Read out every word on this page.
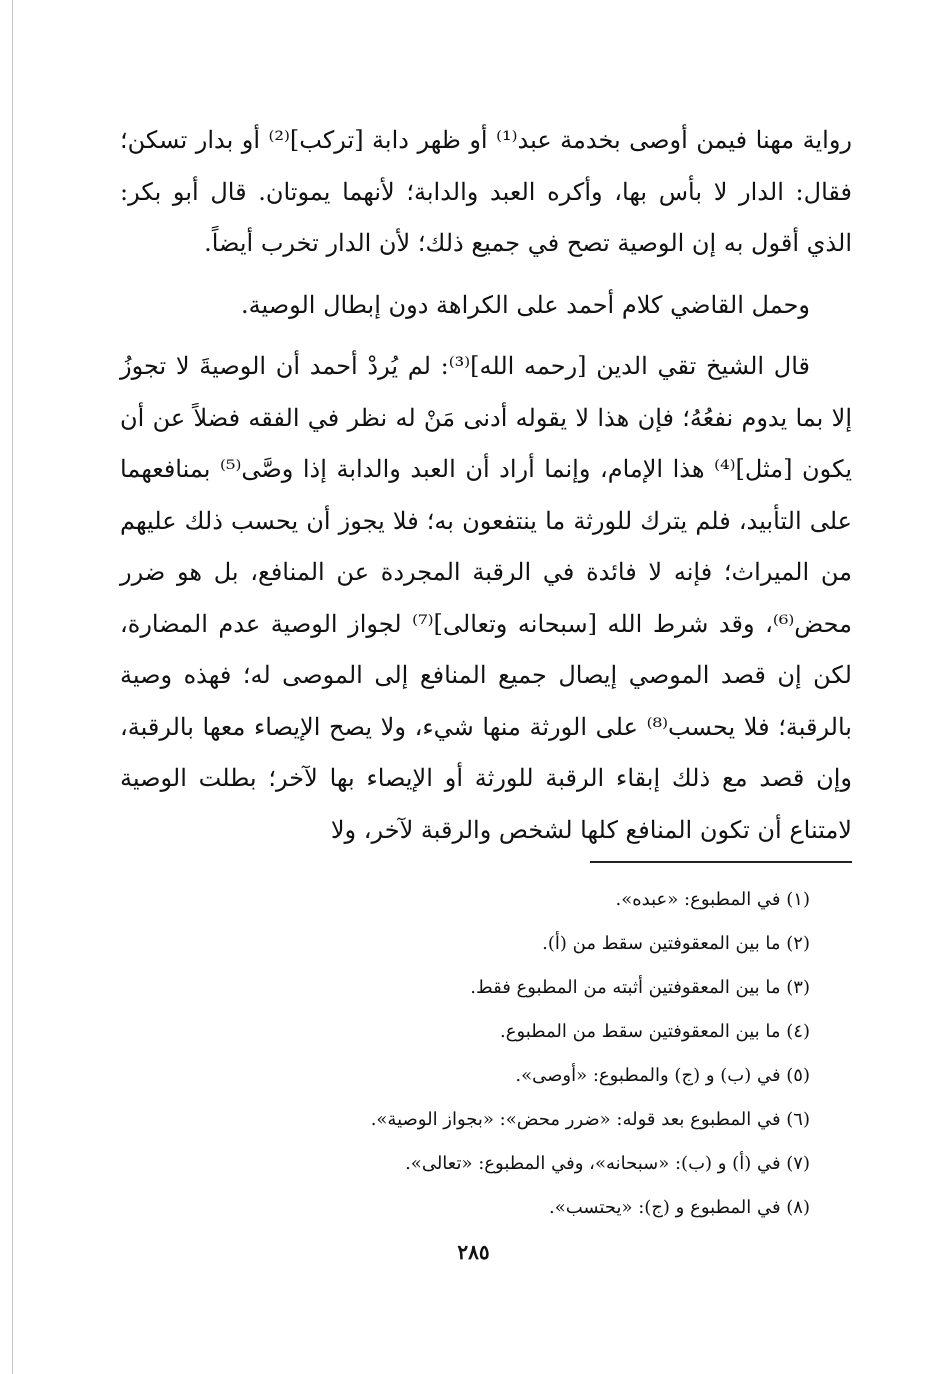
رواية مهنا فيمن أوصى بخدمة عبد⁽¹⁾ أو ظهر دابة [تركب]⁽²⁾ أو بدار تسكن؛ فقال: الدار لا بأس بها، وأكره العبد والدابة؛ لأنهما يموتان. قال أبو بكر: الذي أقول به إن الوصية تصح في جميع ذلك؛ لأن الدار تخرب أيضاً.

وحمل القاضي كلام أحمد على الكراهة دون إبطال الوصية.

قال الشيخ تقي الدين [رحمه الله]⁽³⁾: لم يُردْ أحمد أن الوصيةَ لا تجوزُ إلا بما يدوم نفعُهُ؛ فإن هذا لا يقوله أدنى مَنْ له نظر في الفقه فضلاً عن أن يكون [مثل]⁽⁴⁾ هذا الإمام، وإنما أراد أن العبد والدابة إذا وصَّى⁽⁵⁾ بمنافعهما على التأبيد، فلم يترك للورثة ما ينتفعون به؛ فلا يجوز أن يحسب ذلك عليهم من الميراث؛ فإنه لا فائدة في الرقبة المجردة عن المنافع، بل هو ضرر محض⁽⁶⁾، وقد شرط الله [سبحانه وتعالى]⁽⁷⁾ لجواز الوصية عدم المضارة، لكن إن قصد الموصي إيصال جميع المنافع إلى الموصى له؛ فهذه وصية بالرقبة؛ فلا يحسب⁽⁸⁾ على الورثة منها شيء، ولا يصح الإيصاء معها بالرقبة، وإن قصد مع ذلك إبقاء الرقبة للورثة أو الإيصاء بها لآخر؛ بطلت الوصية لامتناع أن تكون المنافع كلها لشخص والرقبة لآخر، ولا

(١) في المطبوع: «عبده».
(٢) ما بين المعقوفتين سقط من (أ).
(٣) ما بين المعقوفتين أثبته من المطبوع فقط.
(٤) ما بين المعقوفتين سقط من المطبوع.
(٥) في (ب) و (ج) والمطبوع: «أوصى».
(٦) في المطبوع بعد قوله: «ضرر محض»: «بجواز الوصية».
(٧) في (أ) و (ب): «سبحانه»، وفي المطبوع: «تعالى».
(٨) في المطبوع و (ج): «يحتسب».
٢٨٥
